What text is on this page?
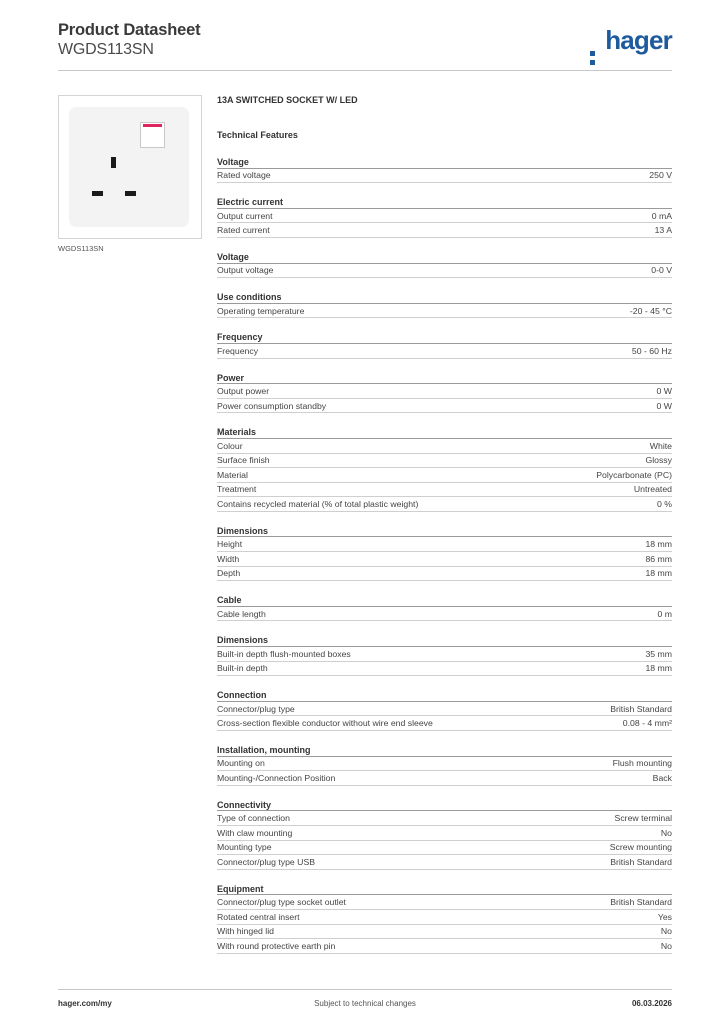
Product Datasheet
WGDS113SN	hager
WGDS113SN
13A SWITCHED SOCKET W/ LED
Technical Features
Voltage
Rated voltage	250 V
Electric current
Output current	0 mA
Rated current	13 A
Voltage
Output voltage	0-0 V
Use conditions
Operating temperature	-20 - 45 °C
Frequency
Frequency	50 - 60 Hz
Power
Output power	0 W
Power consumption standby	0 W
Materials
Colour	White
Surface finish	Glossy
Material	Polycarbonate (PC)
Treatment	Untreated
Contains recycled material (% of total plastic weight)	0 %
Dimensions
Height	18 mm
Width	86 mm
Depth	18 mm
Cable
Cable length	0 m
Dimensions
Built-in depth flush-mounted boxes	35 mm
Built-in depth	18 mm
Connection
Connector/plug type	British Standard
Cross-section flexible conductor without wire end sleeve	0.08 - 4 mm²
Installation, mounting
Mounting on	Flush mounting
Mounting-/Connection Position	Back
Connectivity
Type of connection	Screw terminal
With claw mounting	No
Mounting type	Screw mounting
Connector/plug type USB	British Standard
Equipment
Connector/plug type socket outlet	British Standard
Rotated central insert	Yes
With hinged lid	No
With round protective earth pin	No
hager.com/my	Subject to technical changes	06.03.2026
